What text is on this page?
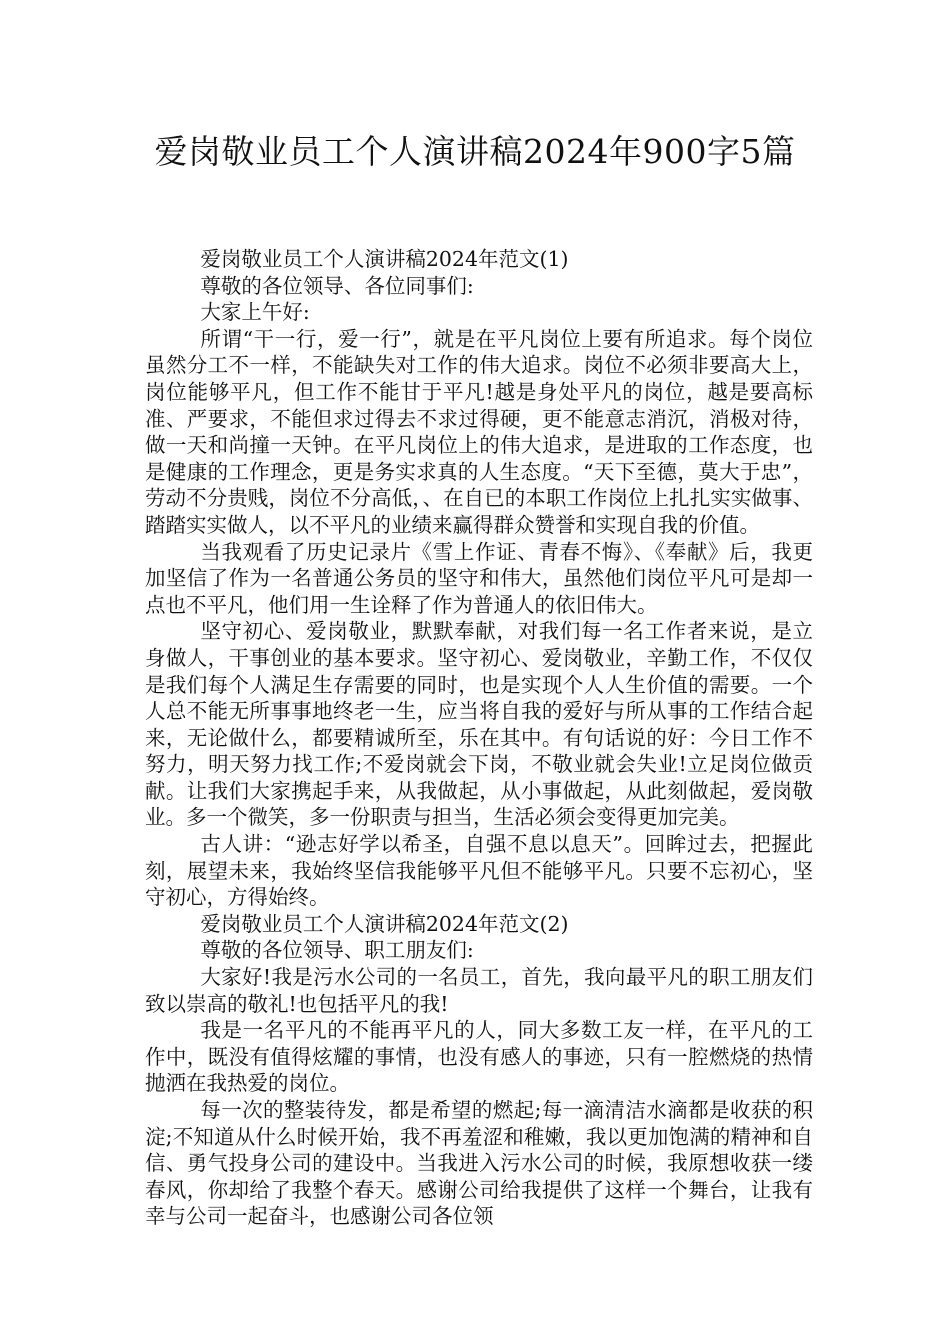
爱岗敬业员工个人演讲稿2024年900字5篇

爱岗敬业员工个人演讲稿2024年范文(1)

尊敬的各位领导、各位同事们:

大家上午好:

所谓“干一行，爱一行”，就是在平凡岗位上要有所追求。每个岗位虽然分工不一样，不能缺失对工作的伟大追求。岗位不必须非要高大上，岗位能够平凡，但工作不能甘于平凡!越是身处平凡的岗位，越是要高标准、严要求，不能但求过得去不求过得硬，更不能意志消沉，消极对待，做一天和尚撞一天钟。在平凡岗位上的伟大追求，是进取的工作态度，也是健康的工作理念，更是务实求真的人生态度。“天下至德，莫大于忠”，劳动不分贵贱，岗位不分高低，、在自已的本职工作岗位上扎扎实实做事、踏踏实实做人，以不平凡的业绩来赢得群众赞誉和实现自我的价值。

当我观看了历史记录片《雪上作证、青春不悔》、《奉献》后，我更加坚信了作为一名普通公务员的坚守和伟大，虽然他们岗位平凡可是却一点也不平凡，他们用一生诠释了作为普通人的依旧伟大。

坚守初心、爱岗敬业，默默奉献，对我们每一名工作者来说，是立身做人，干事创业的基本要求。坚守初心、爱岗敬业，辛勤工作，不仅仅是我们每个人满足生存需要的同时，也是实现个人人生价值的需要。一个人总不能无所事事地终老一生，应当将自我的爱好与所从事的工作结合起来，无论做什么，都要精诚所至，乐在其中。有句话说的好：今日工作不努力，明天努力找工作;不爱岗就会下岗，不敬业就会失业!立足岗位做贡献。让我们大家携起手来，从我做起，从小事做起，从此刻做起，爱岗敬业。多一个微笑，多一份职责与担当，生活必须会变得更加完美。

古人讲：“逊志好学以希圣，自强不息以息天”。回眸过去，把握此刻，展望未来，我始终坚信我能够平凡但不能够平凡。只要不忘初心，坚守初心，方得始终。

爱岗敬业员工个人演讲稿2024年范文(2)

尊敬的各位领导、职工朋友们:

大家好!我是污水公司的一名员工，首先，我向最平凡的职工朋友们致以崇高的敬礼!也包括平凡的我!

我是一名平凡的不能再平凡的人，同大多数工友一样，在平凡的工作中，既没有值得炫耀的事情，也没有感人的事迹，只有一腔燃烧的热情抛洒在我热爱的岗位。

每一次的整装待发，都是希望的燃起;每一滴清洁水滴都是收获的积淀;不知道从什么时候开始，我不再羞涩和稚嫩，我以更加饱满的精神和自信、勇气投身公司的建设中。当我进入污水公司的时候，我原想收获一缕春风，你却给了我整个春天。感谢公司给我提供了这样一个舞台，让我有幸与公司一起奋斗，也感谢公司各位领
